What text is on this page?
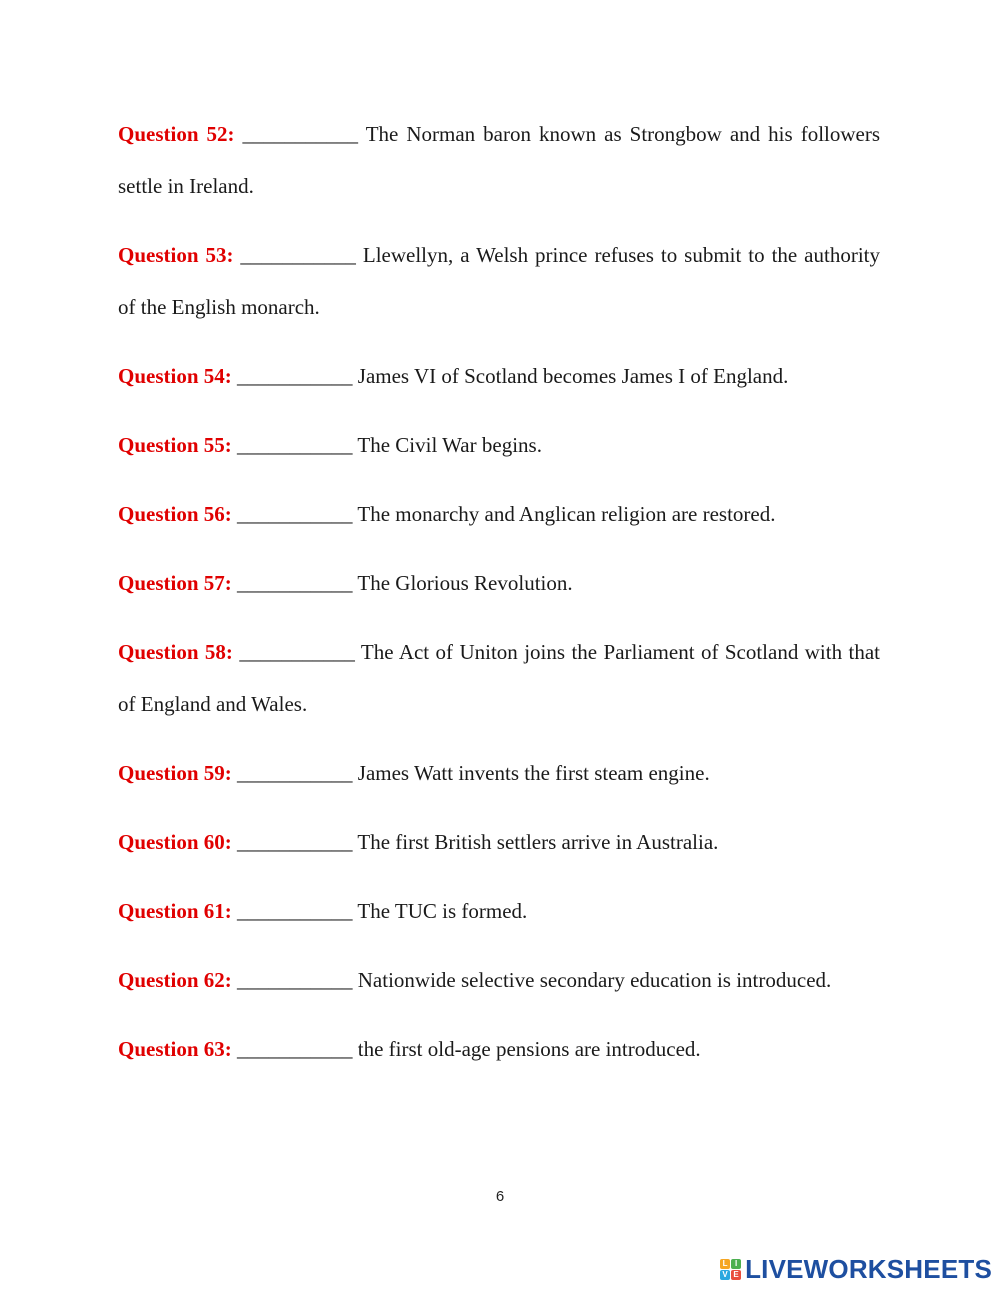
Question 52: ___________ The Norman baron known as Strongbow and his followers settle in Ireland.

Question 53: ___________ Llewellyn, a Welsh prince refuses to submit to the authority of the English monarch.

Question 54: ___________ James VI of Scotland becomes James I of England.

Question 55: ___________ The Civil War begins.

Question 56: ___________ The monarchy and Anglican religion are restored.

Question 57: ___________ The Glorious Revolution.

Question 58: ___________ The Act of Uniton joins the Parliament of Scotland with that of England and Wales.

Question 59: ___________ James Watt invents the first steam engine.

Question 60: ___________ The first British settlers arrive in Australia.

Question 61: ___________ The TUC is formed.

Question 62: ___________ Nationwide selective secondary education is introduced.

Question 63: ___________ the first old-age pensions are introduced.

6
L I
V E LIVEWORKSHEETS
